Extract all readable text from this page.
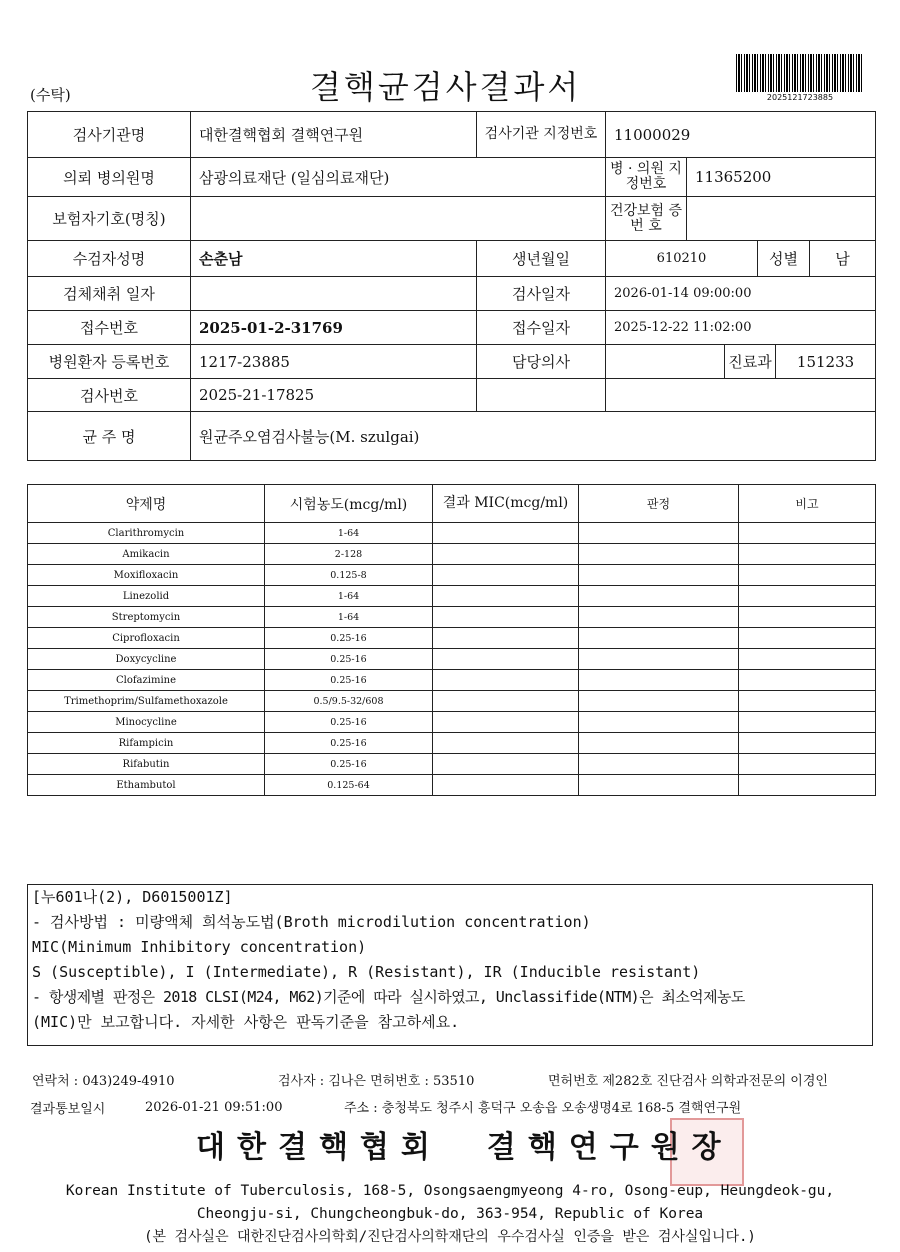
(수탁)	결핵균검사결과서	2025121723885
검사기관명	대한결핵협회 결핵연구원	검사기관 지정번호	11000029					
의뢰 병의원명	삼광의료재단 (일심의료재단)		병 · 의원 지정번호	11365200				
보험자기호(명칭)			건강보험 증 번 호					
수검자성명	손춘남	생년월일	610210			성별		남
검체채취 일자		검사일자	2026-01-14 09:00:00					
접수번호	2025-01-2-31769	접수일자	2025-12-22 11:02:00					
병원환자 등록번호	1217-23885	담당의사			진료과		151233	
검사번호	2025-21-17825							
균 주 명	원균주오염검사불능(M. szulgai)							
약제명	시험농도(mcg/ml)	결과 MIC(mcg/ml)	판정	비고
Clarithromycin	1-64			
Amikacin	2-128			
Moxifloxacin	0.125-8			
Linezolid	1-64			
Streptomycin	1-64			
Ciprofloxacin	0.25-16			
Doxycycline	0.25-16			
Clofazimine	0.25-16			
Trimethoprim/Sulfamethoxazole	0.5/9.5-32/608			
Minocycline	0.25-16			
Rifampicin	0.25-16			
Rifabutin	0.25-16			
Ethambutol	0.125-64			
[누601나(2), D6015001Z]
- 검사방법 : 미량액체 희석농도법(Broth microdilution concentration)
MIC(Minimum Inhibitory concentration)
S (Susceptible), I (Intermediate), R (Resistant), IR (Inducible resistant)
- 항생제별 판정은 2018 CLSI(M24, M62)기준에 따라 실시하였고, Unclassifide(NTM)은 최소억제농도
(MIC)만 보고합니다. 자세한 사항은 판독기준을 참고하세요.
연락처 : 043)249-4910	검사자 : 김나은 면허번호 : 53510	면허번호 제282호 진단검사 의학과전문의 이경인
결과통보일시	2026-01-21 09:51:00	주소 : 충청북도 청주시 흥덕구 오송읍 오송생명4로 168-5 결핵연구원
대한결핵협회  결핵연구원장
Korean Institute of Tuberculosis, 168-5, Osongsaengmyeong 4-ro, Osong-eup, Heungdeok-gu,
Cheongju-si, Chungcheongbuk-do, 363-954, Republic of Korea
(본 검사실은 대한진단검사의학회/진단검사의학재단의 우수검사실 인증을 받은 검사실입니다.)
